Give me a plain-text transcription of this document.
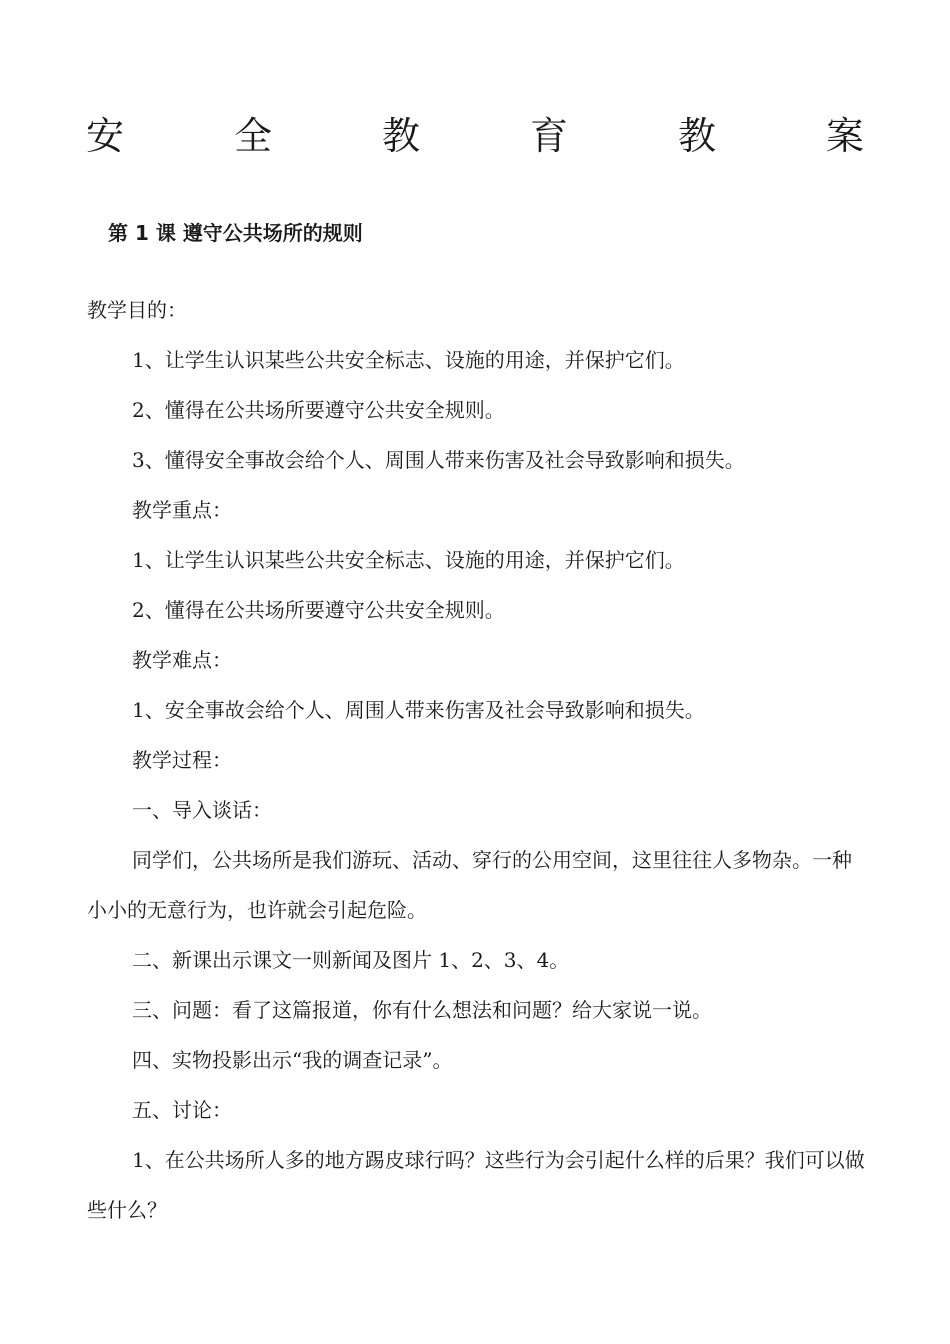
安	全	教	育	教	案
第 1 课 遵守公共场所的规则

教学目的：

1、让学生认识某些公共安全标志、设施的用途，并保护它们。

2、懂得在公共场所要遵守公共安全规则。

3、懂得安全事故会给个人、周围人带来伤害及社会导致影响和损失。

教学重点：

1、让学生认识某些公共安全标志、设施的用途，并保护它们。

2、懂得在公共场所要遵守公共安全规则。

教学难点：

1、安全事故会给个人、周围人带来伤害及社会导致影响和损失。

教学过程：

一、导入谈话：

同学们，公共场所是我们游玩、活动、穿行的公用空间，这里往往人多物杂。一种小小的无意行为，也许就会引起危险。

二、新课出示课文一则新闻及图片 1、2、3、4。

三、问题：看了这篇报道，你有什么想法和问题？给大家说一说。

四、实物投影出示“我的调查记录”。

五、讨论：

1、在公共场所人多的地方踢皮球行吗？这些行为会引起什么样的后果？我们可以做些什么？
